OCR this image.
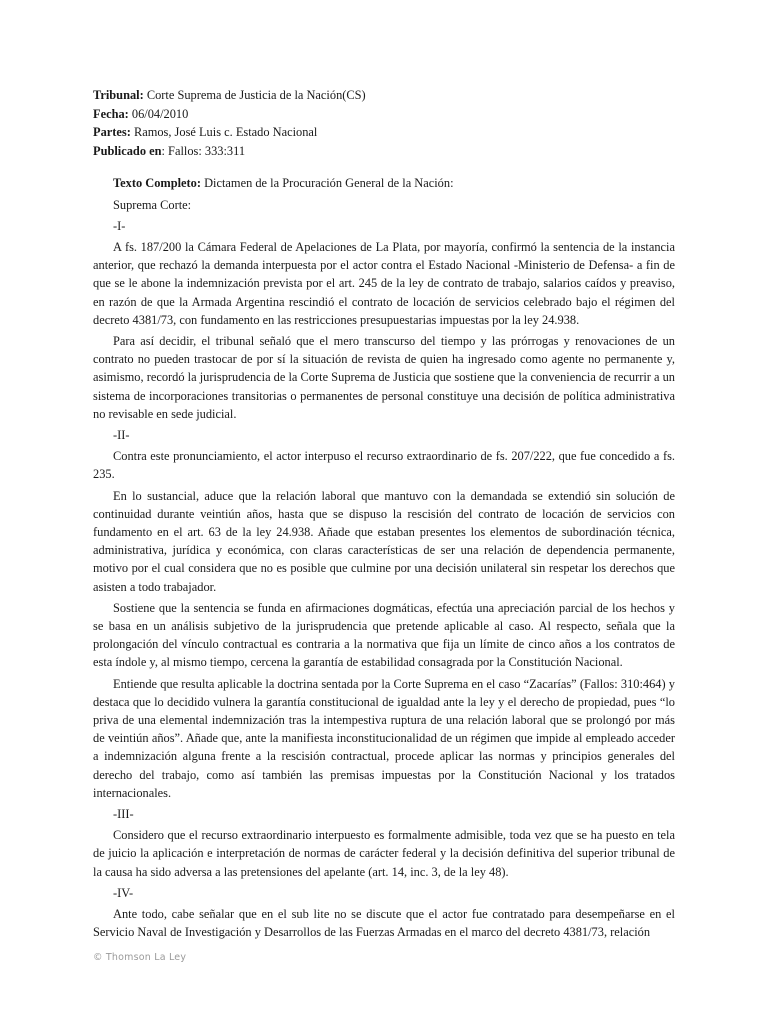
Tribunal: Corte Suprema de Justicia de la Nación(CS)

Fecha: 06/04/2010

Partes: Ramos, José Luis c. Estado Nacional

Publicado en: Fallos: 333:311

Texto Completo: Dictamen de la Procuración General de la Nación:

Suprema Corte:

-I-

A fs. 187/200 la Cámara Federal de Apelaciones de La Plata, por mayoría, confirmó la sentencia de la instancia anterior, que rechazó la demanda interpuesta por el actor contra el Estado Nacional -Ministerio de Defensa- a fin de que se le abone la indemnización prevista por el art. 245 de la ley de contrato de trabajo, salarios caídos y preaviso, en razón de que la Armada Argentina rescindió el contrato de locación de servicios celebrado bajo el régimen del decreto 4381/73, con fundamento en las restricciones presupuestarias impuestas por la ley 24.938.

Para así decidir, el tribunal señaló que el mero transcurso del tiempo y las prórrogas y renovaciones de un contrato no pueden trastocar de por sí la situación de revista de quien ha ingresado como agente no permanente y, asimismo, recordó la jurisprudencia de la Corte Suprema de Justicia que sostiene que la conveniencia de recurrir a un sistema de incorporaciones transitorias o permanentes de personal constituye una decisión de política administrativa no revisable en sede judicial.

-II-

Contra este pronunciamiento, el actor interpuso el recurso extraordinario de fs. 207/222, que fue concedido a fs. 235.

En lo sustancial, aduce que la relación laboral que mantuvo con la demandada se extendió sin solución de continuidad durante veintiún años, hasta que se dispuso la rescisión del contrato de locación de servicios con fundamento en el art. 63 de la ley 24.938. Añade que estaban presentes los elementos de subordinación técnica, administrativa, jurídica y económica, con claras características de ser una relación de dependencia permanente, motivo por el cual considera que no es posible que culmine por una decisión unilateral sin respetar los derechos que asisten a todo trabajador.

Sostiene que la sentencia se funda en afirmaciones dogmáticas, efectúa una apreciación parcial de los hechos y se basa en un análisis subjetivo de la jurisprudencia que pretende aplicable al caso. Al respecto, señala que la prolongación del vínculo contractual es contraria a la normativa que fija un límite de cinco años a los contratos de esta índole y, al mismo tiempo, cercena la garantía de estabilidad consagrada por la Constitución Nacional.

Entiende que resulta aplicable la doctrina sentada por la Corte Suprema en el caso “Zacarías” (Fallos: 310:464) y destaca que lo decidido vulnera la garantía constitucional de igualdad ante la ley y el derecho de propiedad, pues “lo priva de una elemental indemnización tras la intempestiva ruptura de una relación laboral que se prolongó por más de veintiún años”. Añade que, ante la manifiesta inconstitucionalidad de un régimen que impide al empleado acceder a indemnización alguna frente a la rescisión contractual, procede aplicar las normas y principios generales del derecho del trabajo, como así también las premisas impuestas por la Constitución Nacional y los tratados internacionales.

-III-

Considero que el recurso extraordinario interpuesto es formalmente admisible, toda vez que se ha puesto en tela de juicio la aplicación e interpretación de normas de carácter federal y la decisión definitiva del superior tribunal de la causa ha sido adversa a las pretensiones del apelante (art. 14, inc. 3, de la ley 48).

-IV-

Ante todo, cabe señalar que en el sub lite no se discute que el actor fue contratado para desempeñarse en el Servicio Naval de Investigación y Desarrollos de las Fuerzas Armadas en el marco del decreto 4381/73, relación

© Thomson La Ley
